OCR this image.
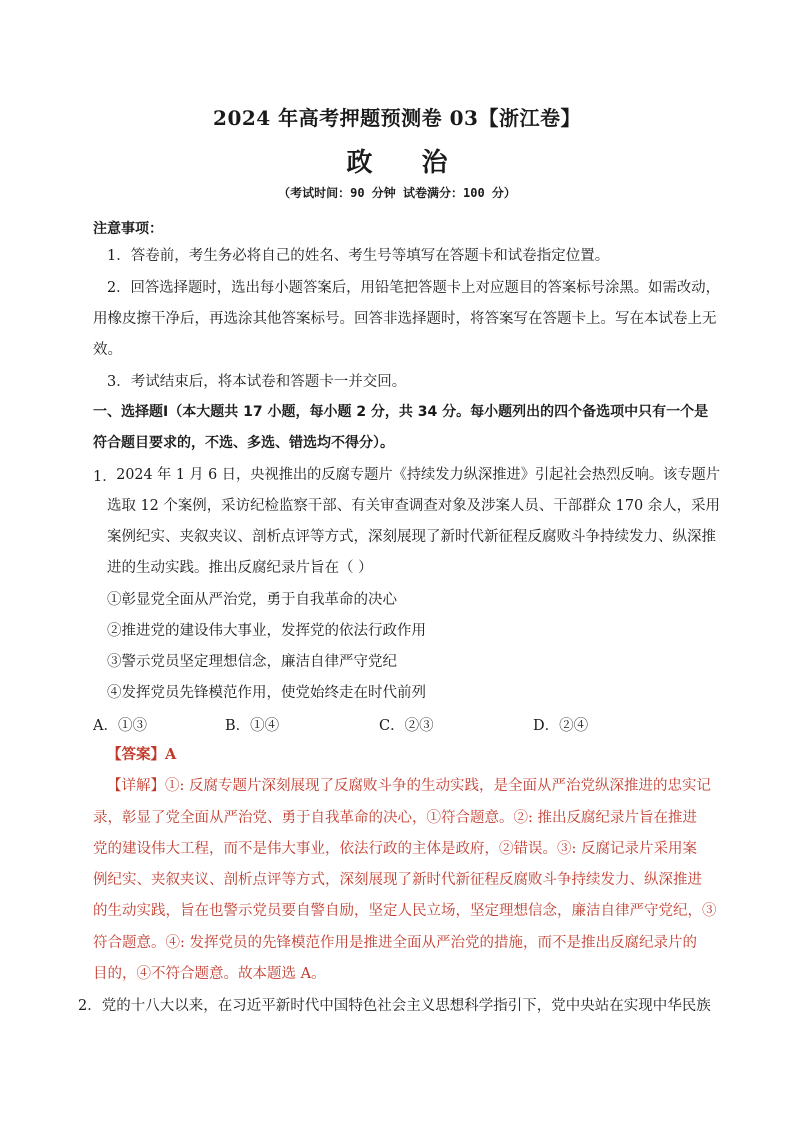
2024 年高考押题预测卷 03【浙江卷】
政 治
（考试时间：90 分钟 试卷满分：100 分）
注意事项：
1．答卷前，考生务必将自己的姓名、考生号等填写在答题卡和试卷指定位置。
2．回答选择题时，选出每小题答案后，用铅笔把答题卡上对应题目的答案标号涂黑。如需改动，
用橡皮擦干净后，再选涂其他答案标号。回答非选择题时，将答案写在答题卡上。写在本试卷上无
效。
3．考试结束后，将本试卷和答题卡一并交回。
一、选择题Ⅰ（本大题共 17 小题，每小题 2 分，共 34 分。每小题列出的四个备选项中只有一个是
符合题目要求的，不选、多选、错选均不得分）。
1． 2024 年 1 月 6 日，央视推出的反腐专题片《持续发力纵深推进》引起社会热烈反响。该专题片
选取 12 个案例，采访纪检监察干部、有关审查调查对象及涉案人员、干部群众 170 余人，采用
案例纪实、夹叙夹议、剖析点评等方式，深刻展现了新时代新征程反腐败斗争持续发力、纵深推
进的生动实践。推出反腐纪录片旨在（ ）
①彰显党全面从严治党，勇于自我革命的决心
②推进党的建设伟大事业，发挥党的依法行政作用
③警示党员坚定理想信念，廉洁自律严守党纪
④发挥党员先锋模范作用，使党始终走在时代前列
A．①③	B．①④	C．②③	D．②④
【答案】A
【详解】①: 反腐专题片深刻展现了反腐败斗争的生动实践，是全面从严治党纵深推进的忠实记
录，彰显了党全面从严治党、勇于自我革命的决心，①符合题意。②: 推出反腐纪录片旨在推进
党的建设伟大工程，而不是伟大事业，依法行政的主体是政府，②错误。③: 反腐记录片采用案
例纪实、夹叙夹议、剖析点评等方式，深刻展现了新时代新征程反腐败斗争持续发力、纵深推进
的生动实践，旨在也警示党员要自警自励，坚定人民立场，坚定理想信念，廉洁自律严守党纪，③
符合题意。④: 发挥党员的先锋模范作用是推进全面从严治党的措施，而不是推出反腐纪录片的
目的，④不符合题意。故本题选 A。
2．党的十八大以来，在习近平新时代中国特色社会主义思想科学指引下，党中央站在实现中华民族
